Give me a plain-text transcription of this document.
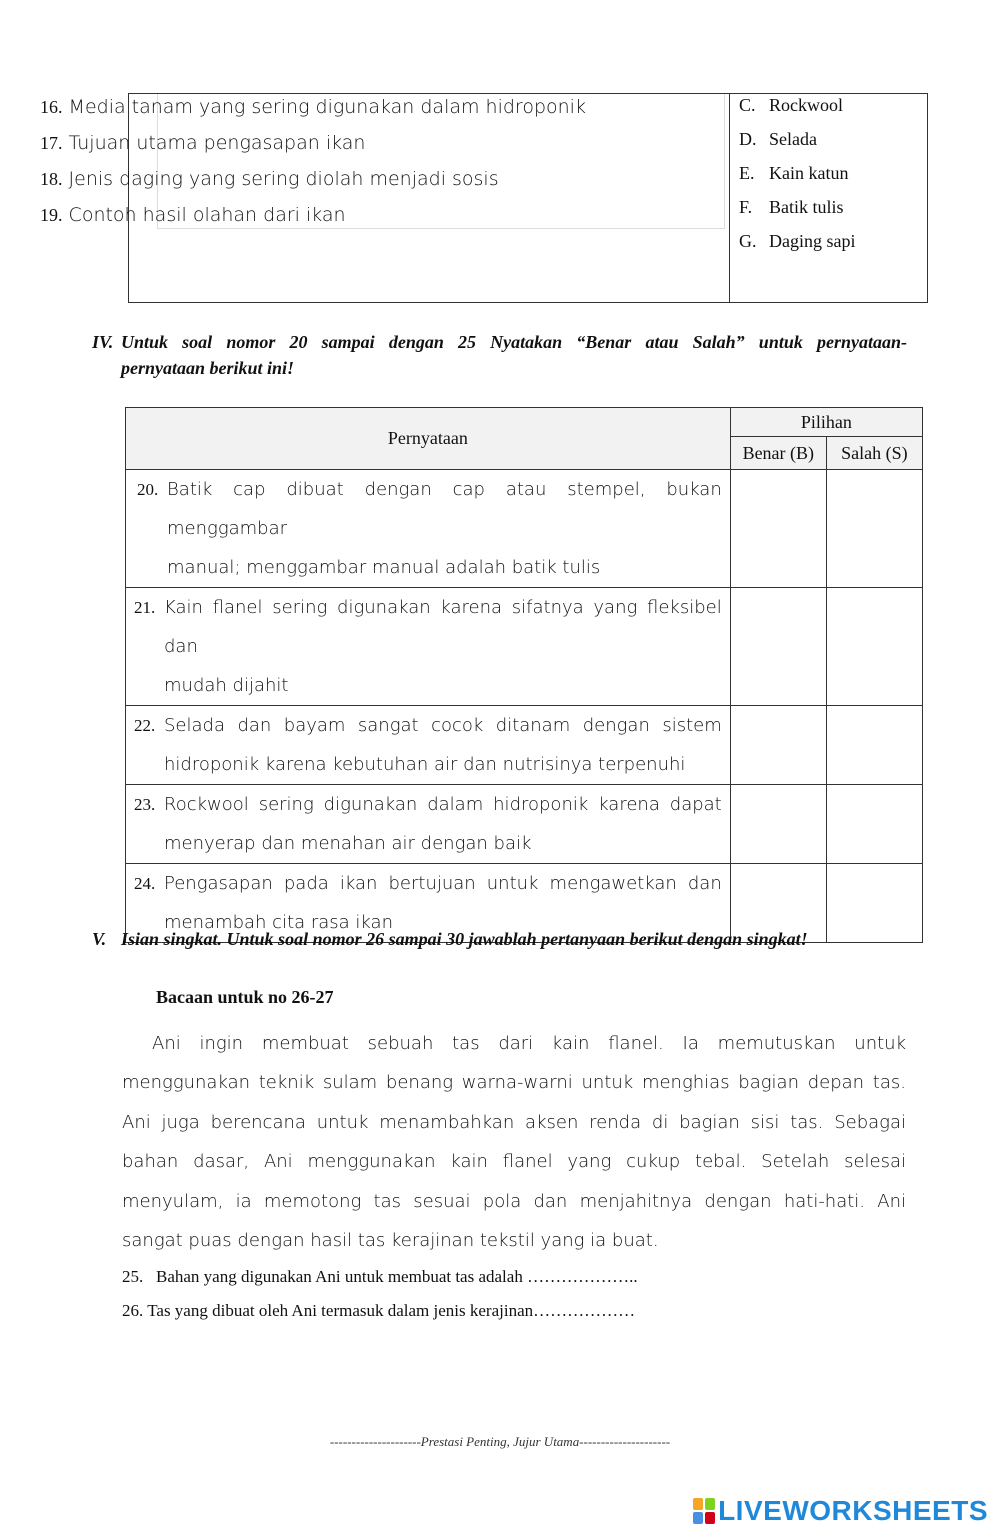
16. Media tanam yang sering digunakan dalam hidroponik
17. Tujuan utama pengasapan ikan
18. Jenis daging yang sering diolah menjadi sosis
19. Contoh hasil olahan dari ikan
C. Rockwool
D. Selada
E. Kain katun
F. Batik tulis
G. Daging sapi
IV. Untuk soal nomor 20 sampai dengan 25 Nyatakan “Benar atau Salah” untuk pernyataan-
pernyataan berikut ini!
Pernyataan	Pilihan	
	Benar (B)	Salah (S)

20. Batik cap dibuat dengan cap atau stempel, bukan menggambar
manual; menggambar manual adalah batik tulis		

21. Kain flanel sering digunakan karena sifatnya yang fleksibel dan
mudah dijahit		

22. Selada dan bayam sangat cocok ditanam dengan sistem
hidroponik karena kebutuhan air dan nutrisinya terpenuhi		

23. Rockwool sering digunakan dalam hidroponik karena dapat
menyerap dan menahan air dengan baik		

24. Pengasapan pada ikan bertujuan untuk mengawetkan dan
menambah cita rasa ikan		
V. Isian singkat. Untuk soal nomor 26 sampai 30 jawablah pertanyaan berikut dengan singkat!
Bacaan untuk no 26-27
Ani ingin membuat sebuah tas dari kain flanel. Ia memutuskan untuk menggunakan teknik sulam benang warna-warni untuk menghias bagian depan tas. Ani juga berencana untuk menambahkan aksen renda di bagian sisi tas. Sebagai bahan dasar, Ani menggunakan kain flanel yang cukup tebal. Setelah selesai menyulam, ia memotong tas sesuai pola dan menjahitnya dengan hati-hati. Ani sangat puas dengan hasil tas kerajinan tekstil yang ia buat.
25. Bahan yang digunakan Ani untuk membuat tas adalah ………………..
26. Tas yang dibuat oleh Ani termasuk dalam jenis kerajinan………………
---------------------Prestasi Penting, Jujur Utama---------------------
LIVEWORKSHEETS
